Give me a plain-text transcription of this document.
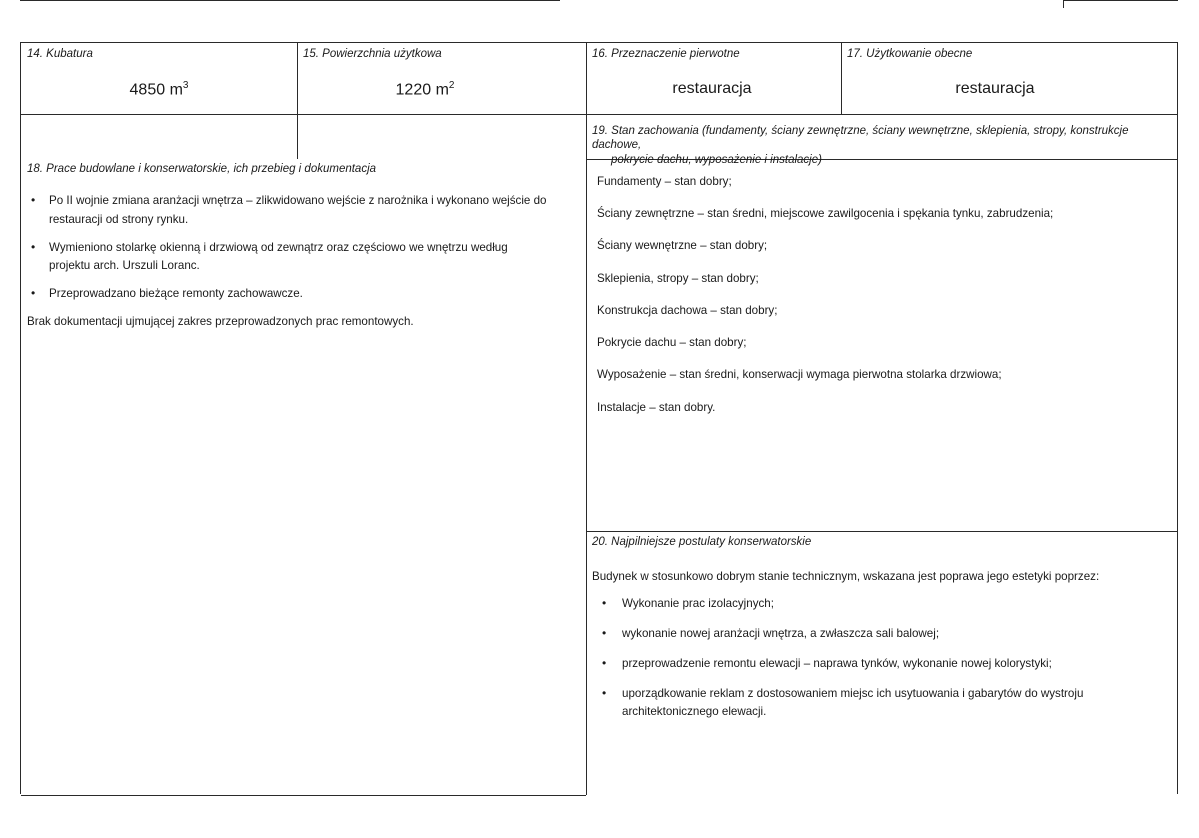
14. Kubatura
4850 $m^3$
15. Powierzchnia użytkowa
1220 $m^2$
16. Przeznaczenie pierwotne
restauracja
17. Użytkowanie obecne
restauracja
18. Prace budowlane i konserwatorskie, ich przebieg i dokumentacja
• Po II wojnie zmiana aranżacji wnętrza – zlikwidowano wejście z narożnika i wykonano wejście do restauracji od strony rynku.
• Wymieniono stolarkę okienną i drzwiową od zewnątrz oraz częściowo we wnętrzu według projektu arch. Urszuli Loranc.
• Przeprowadzano bieżące remonty zachowawcze.

Brak dokumentacji ujmującej zakres przeprowadzonych prac remontowych.

19. Stan zachowania (fundamenty, ściany zewnętrzne, ściany wewnętrzne, sklepienia, stropy, konstrukcje dachowe,
pokrycie dachu, wyposażenie i instalacje)

Fundamenty – stan dobry;

Ściany zewnętrzne – stan średni, miejscowe zawilgocenia i spękania tynku, zabrudzenia;

Ściany wewnętrzne – stan dobry;

Sklepienia, stropy – stan dobry;

Konstrukcja dachowa – stan dobry;

Pokrycie dachu – stan dobry;

Wyposażenie – stan średni, konserwacji wymaga pierwotna stolarka drzwiowa;

Instalacje – stan dobry.

20. Najpilniejsze postulaty konserwatorskie

Budynek w stosunkowo dobrym stanie technicznym, wskazana jest poprawa jego estetyki poprzez:

• Wykonanie prac izolacyjnych;
• wykonanie nowej aranżacji wnętrza, a zwłaszcza sali balowej;
• przeprowadzenie remontu elewacji – naprawa tynków, wykonanie nowej kolorystyki;
• uporządkowanie reklam z dostosowaniem miejsc ich usytuowania i gabarytów do wystroju architektonicznego elewacji.
